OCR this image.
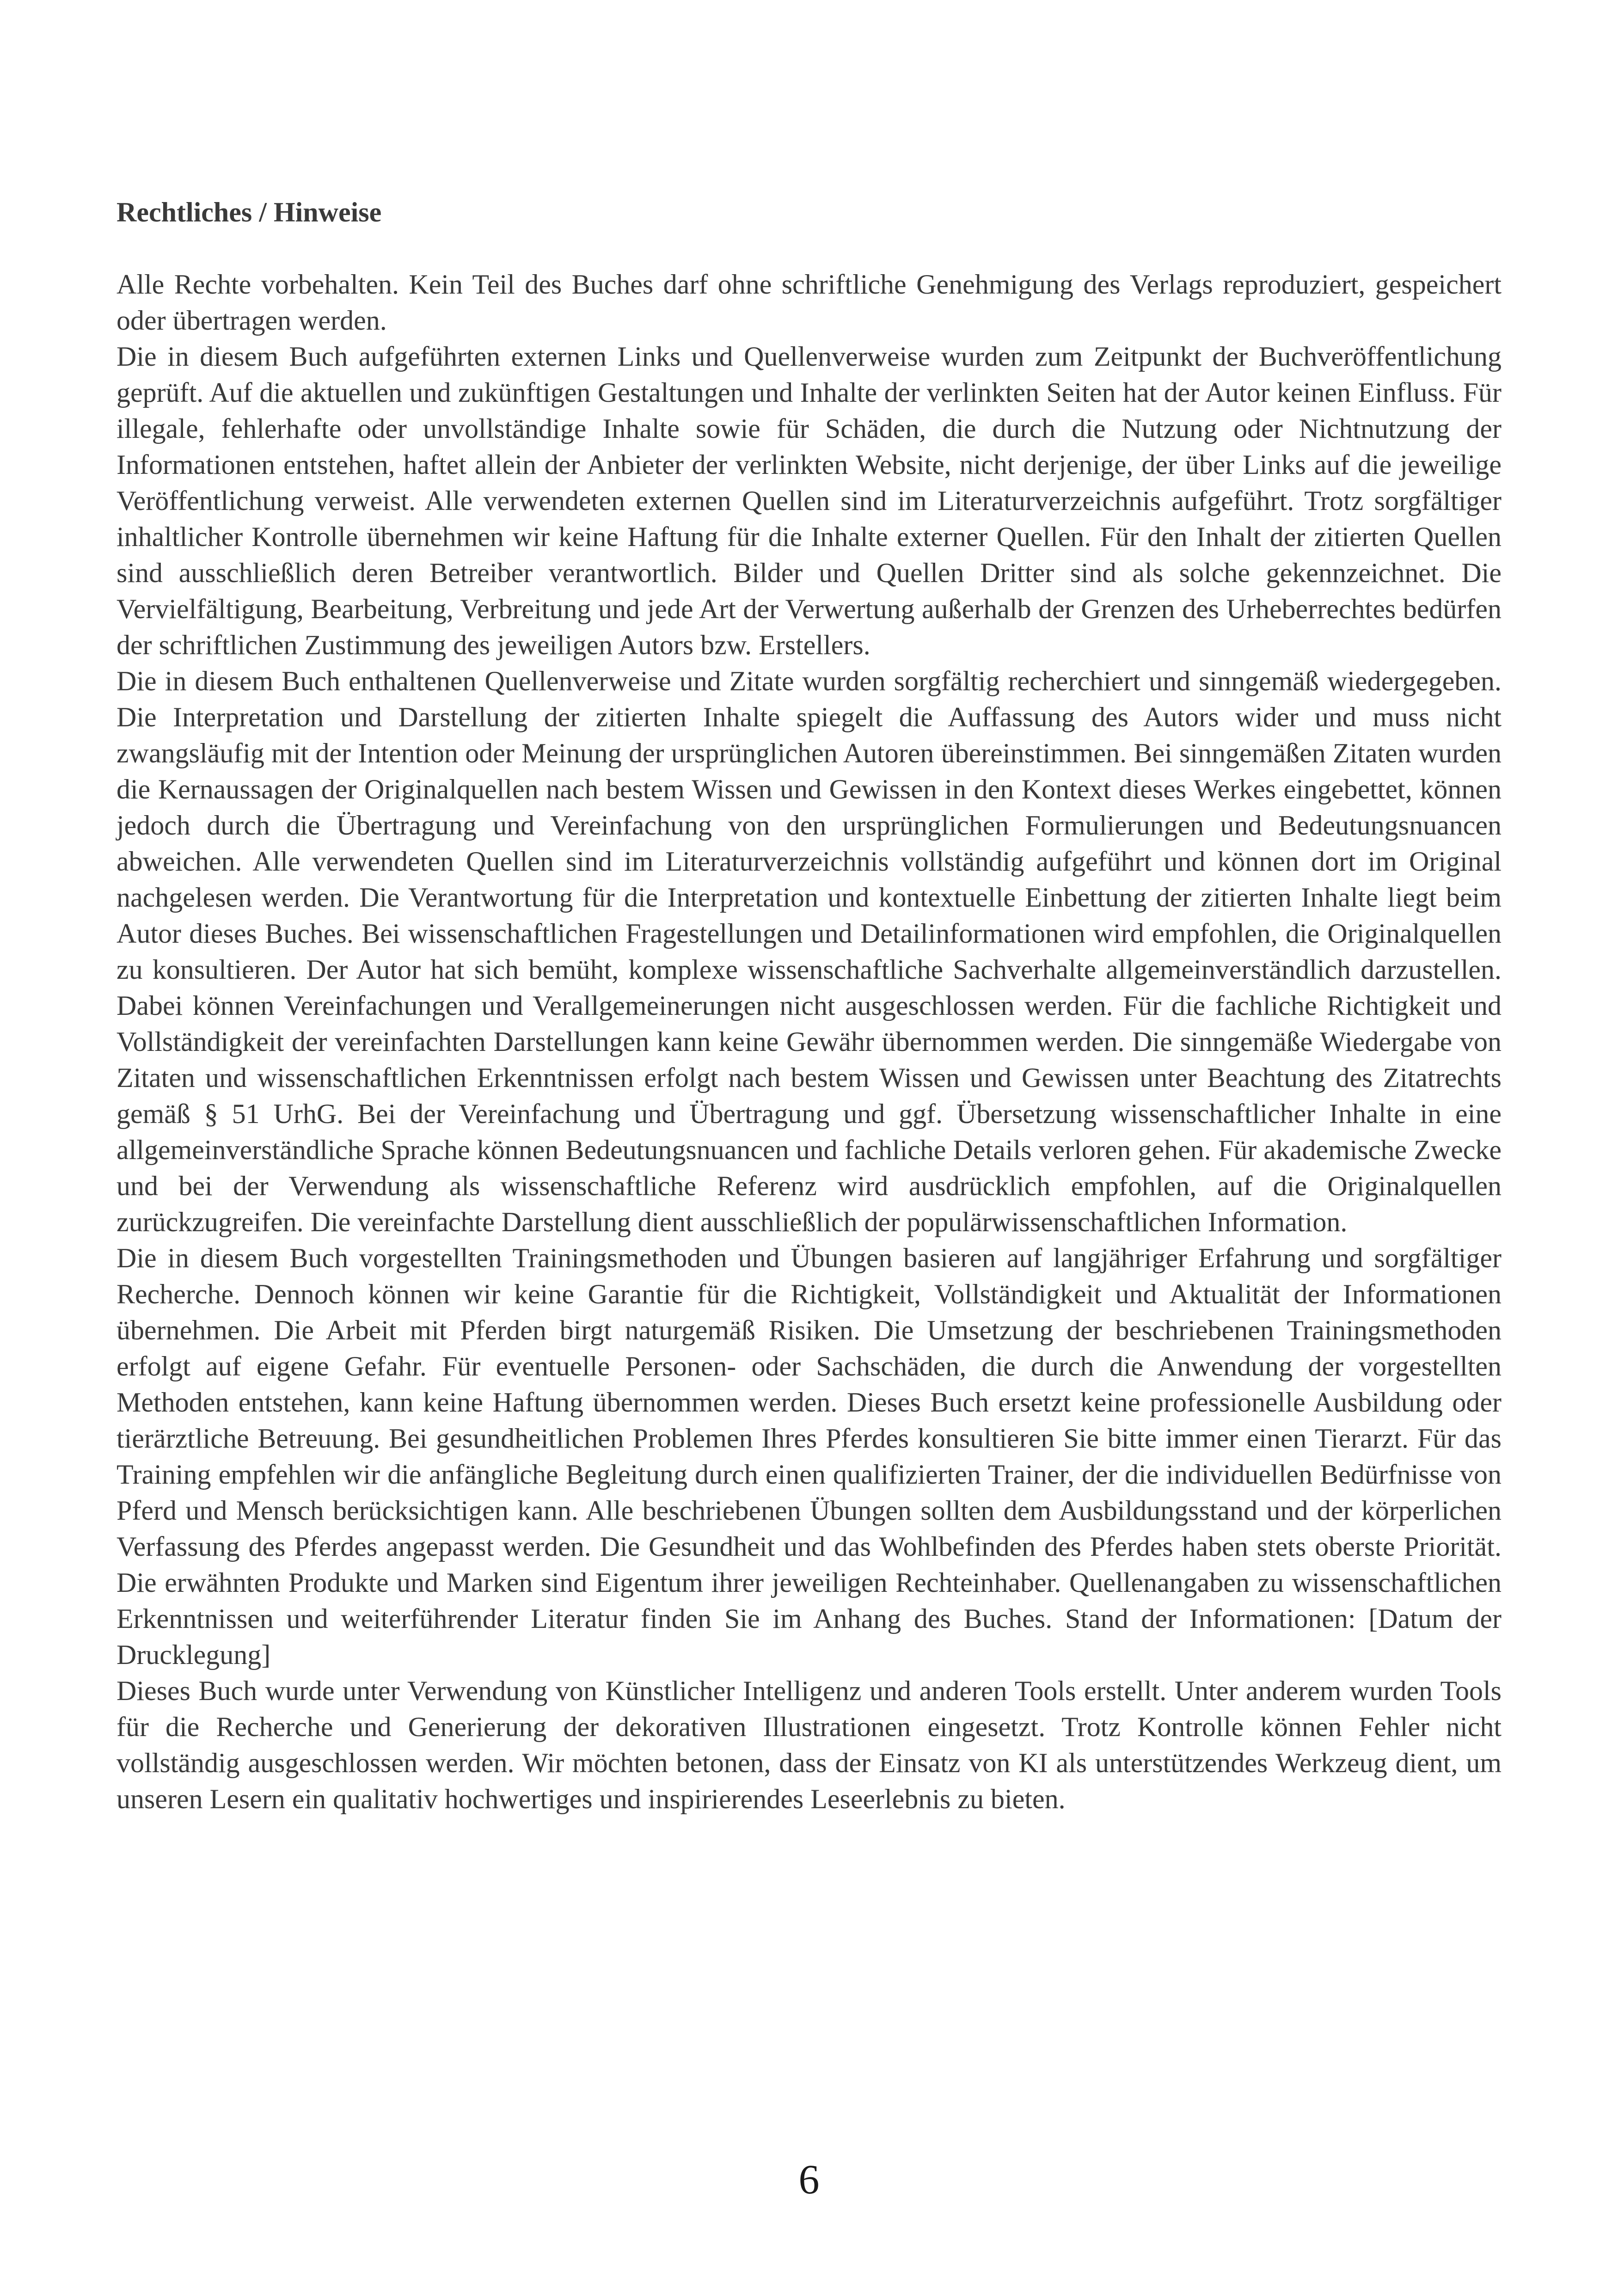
Rechtliches / Hinweise

Alle Rechte vorbehalten. Kein Teil des Buches darf ohne schriftliche Genehmigung des Verlags reproduziert, gespeichert oder übertragen werden.

Die in diesem Buch aufgeführten externen Links und Quellenverweise wurden zum Zeitpunkt der Buchveröffentlichung geprüft. Auf die aktuellen und zukünftigen Gestaltungen und Inhalte der verlinkten Seiten hat der Autor keinen Einfluss. Für illegale, fehlerhafte oder unvollständige Inhalte sowie für Schäden, die durch die Nutzung oder Nichtnutzung der Informationen entstehen, haftet allein der Anbieter der verlinkten Website, nicht derjenige, der über Links auf die jeweilige Veröffentlichung verweist. Alle verwendeten externen Quellen sind im Literaturverzeichnis aufgeführt. Trotz sorgfältiger inhaltlicher Kontrolle übernehmen wir keine Haftung für die Inhalte externer Quellen. Für den Inhalt der zitierten Quellen sind ausschließlich deren Betreiber verantwortlich. Bilder und Quellen Dritter sind als solche gekennzeichnet. Die Vervielfältigung, Bearbeitung, Verbreitung und jede Art der Verwertung außerhalb der Grenzen des Urheberrechtes bedürfen der schriftlichen Zustimmung des jeweiligen Autors bzw. Erstellers.

Die in diesem Buch enthaltenen Quellenverweise und Zitate wurden sorgfältig recherchiert und sinngemäß wiedergegeben. Die Interpretation und Darstellung der zitierten Inhalte spiegelt die Auffassung des Autors wider und muss nicht zwangsläufig mit der Intention oder Meinung der ursprünglichen Autoren übereinstimmen. Bei sinngemäßen Zitaten wurden die Kernaussagen der Originalquellen nach bestem Wissen und Gewissen in den Kontext dieses Werkes eingebettet, können jedoch durch die Übertragung und Vereinfachung von den ursprünglichen Formulierungen und Bedeutungsnuancen abweichen. Alle verwendeten Quellen sind im Literaturverzeichnis vollständig aufgeführt und können dort im Original nachgelesen werden. Die Verantwortung für die Interpretation und kontextuelle Einbettung der zitierten Inhalte liegt beim Autor dieses Buches. Bei wissenschaftlichen Fragestellungen und Detailinformationen wird empfohlen, die Originalquellen zu konsultieren. Der Autor hat sich bemüht, komplexe wissenschaftliche Sachverhalte allgemeinverständlich darzustellen. Dabei können Vereinfachungen und Verallgemeinerungen nicht ausgeschlossen werden. Für die fachliche Richtigkeit und Vollständigkeit der vereinfachten Darstellungen kann keine Gewähr übernommen werden. Die sinngemäße Wiedergabe von Zitaten und wissenschaftlichen Erkenntnissen erfolgt nach bestem Wissen und Gewissen unter Beachtung des Zitatrechts gemäß § 51 UrhG. Bei der Vereinfachung und Übertragung und ggf. Übersetzung wissenschaftlicher Inhalte in eine allgemeinverständliche Sprache können Bedeutungsnuancen und fachliche Details verloren gehen. Für akademische Zwecke und bei der Verwendung als wissenschaftliche Referenz wird ausdrücklich empfohlen, auf die Originalquellen zurückzugreifen. Die vereinfachte Darstellung dient ausschließlich der populärwissenschaftlichen Information.

Die in diesem Buch vorgestellten Trainingsmethoden und Übungen basieren auf langjähriger Erfahrung und sorgfältiger Recherche. Dennoch können wir keine Garantie für die Richtigkeit, Vollständigkeit und Aktualität der Informationen übernehmen. Die Arbeit mit Pferden birgt naturgemäß Risiken. Die Umsetzung der beschriebenen Trainingsmethoden erfolgt auf eigene Gefahr. Für eventuelle Personen- oder Sachschäden, die durch die Anwendung der vorgestellten Methoden entstehen, kann keine Haftung übernommen werden. Dieses Buch ersetzt keine professionelle Ausbildung oder tierärztliche Betreuung. Bei gesundheitlichen Problemen Ihres Pferdes konsultieren Sie bitte immer einen Tierarzt. Für das Training empfehlen wir die anfängliche Begleitung durch einen qualifizierten Trainer, der die individuellen Bedürfnisse von Pferd und Mensch berücksichtigen kann. Alle beschriebenen Übungen sollten dem Ausbildungsstand und der körperlichen Verfassung des Pferdes angepasst werden. Die Gesundheit und das Wohlbefinden des Pferdes haben stets oberste Priorität. Die erwähnten Produkte und Marken sind Eigentum ihrer jeweiligen Rechteinhaber. Quellenangaben zu wissenschaftlichen Erkenntnissen und weiterführender Literatur finden Sie im Anhang des Buches. Stand der Informationen: [Datum der Drucklegung]

Dieses Buch wurde unter Verwendung von Künstlicher Intelligenz und anderen Tools erstellt. Unter anderem wurden Tools für die Recherche und Generierung der dekorativen Illustrationen eingesetzt. Trotz Kontrolle können Fehler nicht vollständig ausgeschlossen werden. Wir möchten betonen, dass der Einsatz von KI als unterstützendes Werkzeug dient, um unseren Lesern ein qualitativ hochwertiges und inspirierendes Leseerlebnis zu bieten.

6
